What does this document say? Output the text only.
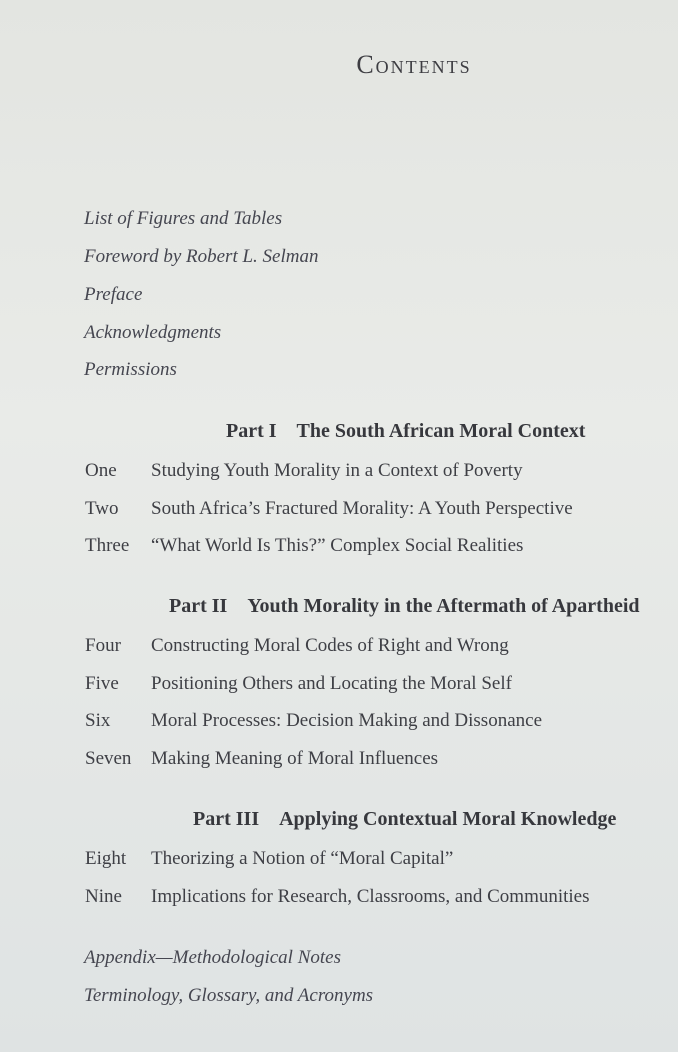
Contents
List of Figures and Tables
Foreword by Robert L. Selman
Preface
Acknowledgments
Permissions
Part I The South African Moral Context
One Studying Youth Morality in a Context of Poverty
Two South Africa’s Fractured Morality: A Youth Perspective
Three “What World Is This?” Complex Social Realities
Part II Youth Morality in the Aftermath of Apartheid
Four Constructing Moral Codes of Right and Wrong
Five Positioning Others and Locating the Moral Self
Six Moral Processes: Decision Making and Dissonance
Seven Making Meaning of Moral Influences
Part III Applying Contextual Moral Knowledge
Eight Theorizing a Notion of “Moral Capital”
Nine Implications for Research, Classrooms, and Communities
Appendix—Methodological Notes
Terminology, Glossary, and Acronyms
